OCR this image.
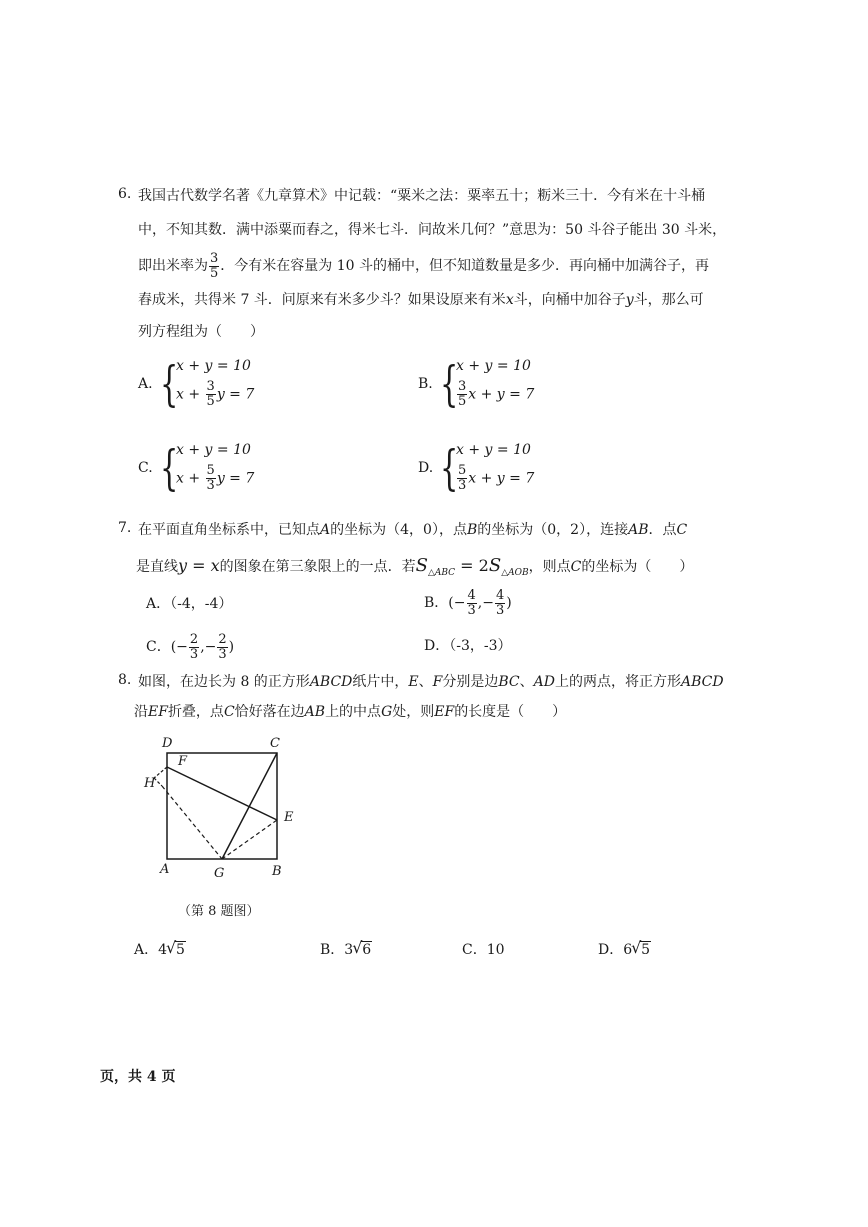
6. 我国古代数学名著《九章算术》中记载：“粟米之法：粟率五十；粝米三十．今有米在十斗桶
中，不知其数．满中添粟而舂之，得米七斗．问故米几何？”意思为：50 斗谷子能出 30 斗米，
即出米率为 $\frac{3}{5}$ ．今有米在容量为 10 斗的桶中，但不知道数量是多少．再向桶中加满谷子，再
舂成米，共得米 7 斗．问原来有米多少斗？如果设原来有米x斗，向桶中加谷子y斗，那么可
列方程组为（　　）
A. {
x + y = 10
$x + \frac{3}{5}$ y = 7
B. {
x + y = 10
$\frac{3}{5}$ x + y = 7
C. {
x + y = 10
$x + \frac{5}{3}$ y = 7
D. {
x + y = 10
$\frac{5}{3}$ x + y = 7
7. 在平面直角坐标系中，已知点A的坐标为（4，0），点B的坐标为（0，2），连接AB．点C
是直线y = x的图象在第三象限上的一点．若$S_{\triangle ABC} = 2S_{\triangle AOB}$，则点C的坐标为（　　）
A．（-4，-4）	B．(− $\frac{4}{3}$ ,− $\frac{4}{3}$ )
C．(− $\frac{2}{3}$ ,− $\frac{2}{3}$ )	D．（-3，-3）
8. 如图，在边长为 8 的正方形ABCD纸片中，E、F分别是边BC、AD上的两点，将正方形ABCD
沿EF折叠，点C恰好落在边AB上的中点G处，则EF的长度是（　　）
D	C
F
H
E
A	G	B
（第 8 题图）
A．4 √ 5	B．3 √ 6	C．10	D．6 √ 5
页，共 4 页
